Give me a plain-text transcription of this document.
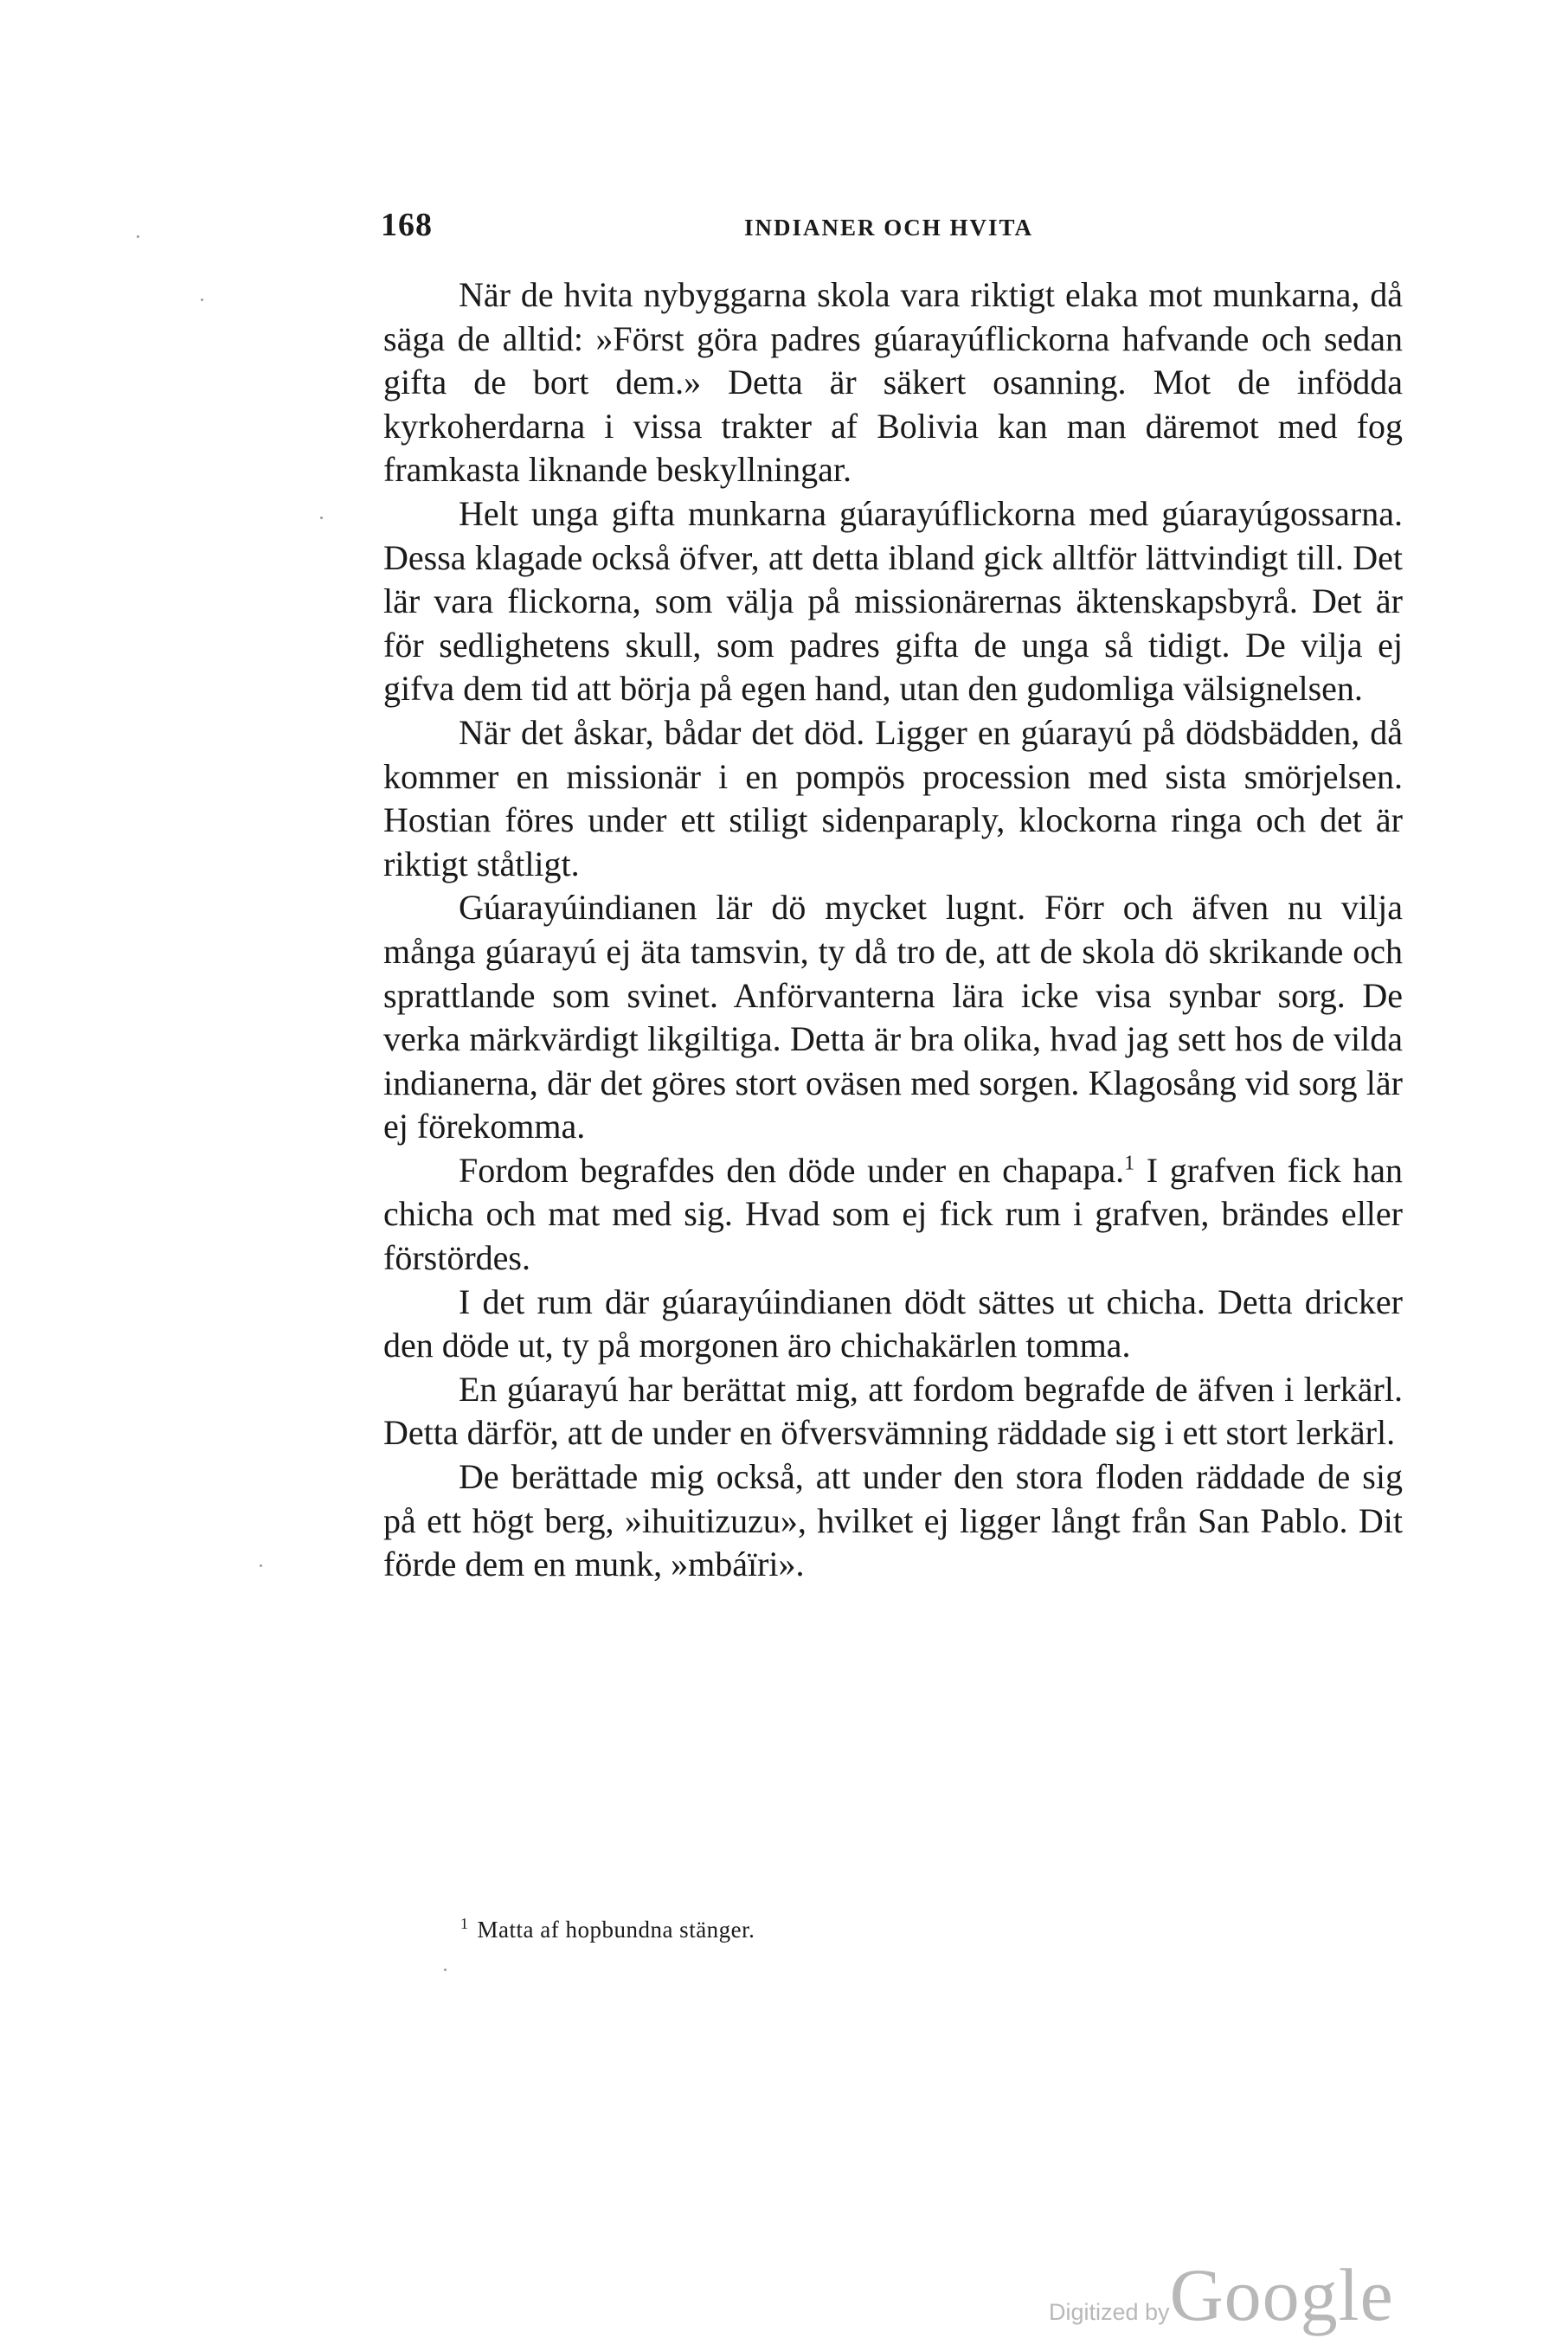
168	INDIANER OCH HVITA

När de hvita nybyggarna skola vara riktigt elaka mot munkarna, då säga de alltid: »Först göra padres gúarayúflickorna hafvande och sedan gifta de bort dem.» Detta är säkert osanning. Mot de infödda kyrkoherdarna i vissa trakter af Bolivia kan man däremot med fog framkasta liknande beskyllningar.

Helt unga gifta munkarna gúarayúflickorna med gúarayúgossarna. Dessa klagade också öfver, att detta ibland gick alltför lättvindigt till. Det lär vara flickorna, som välja på missionärernas äktenskapsbyrå. Det är för sedlighetens skull, som padres gifta de unga så tidigt. De vilja ej gifva dem tid att börja på egen hand, utan den gudomliga välsignelsen.

När det åskar, bådar det död. Ligger en gúarayú på dödsbädden, då kommer en missionär i en pompös procession med sista smörjelsen. Hostian föres under ett stiligt sidenparaply, klockorna ringa och det är riktigt ståtligt.

Gúarayúindianen lär dö mycket lugnt. Förr och äfven nu vilja många gúarayú ej äta tamsvin, ty då tro de, att de skola dö skrikande och sprattlande som svinet. Anförvanterna lära icke visa synbar sorg. De verka märkvärdigt likgiltiga. Detta är bra olika, hvad jag sett hos de vilda indianerna, där det göres stort oväsen med sorgen. Klagosång vid sorg lär ej förekomma.

Fordom begrafdes den döde under en chapapa.$^1$ I grafven fick han chicha och mat med sig. Hvad som ej fick rum i grafven, brändes eller förstördes.

I det rum där gúarayúindianen dödt sättes ut chicha. Detta dricker den döde ut, ty på morgonen äro chichakärlen tomma.

En gúarayú har berättat mig, att fordom begrafde de äfven i lerkärl. Detta därför, att de under en öfversvämning räddade sig i ett stort lerkärl.

De berättade mig också, att under den stora floden räddade de sig på ett högt berg, »ihuitizuzu», hvilket ej ligger långt från San Pablo. Dit förde dem en munk, »mbáïri».

$^1$ Matta af hopbundna stänger.
Digitized byGoogle
